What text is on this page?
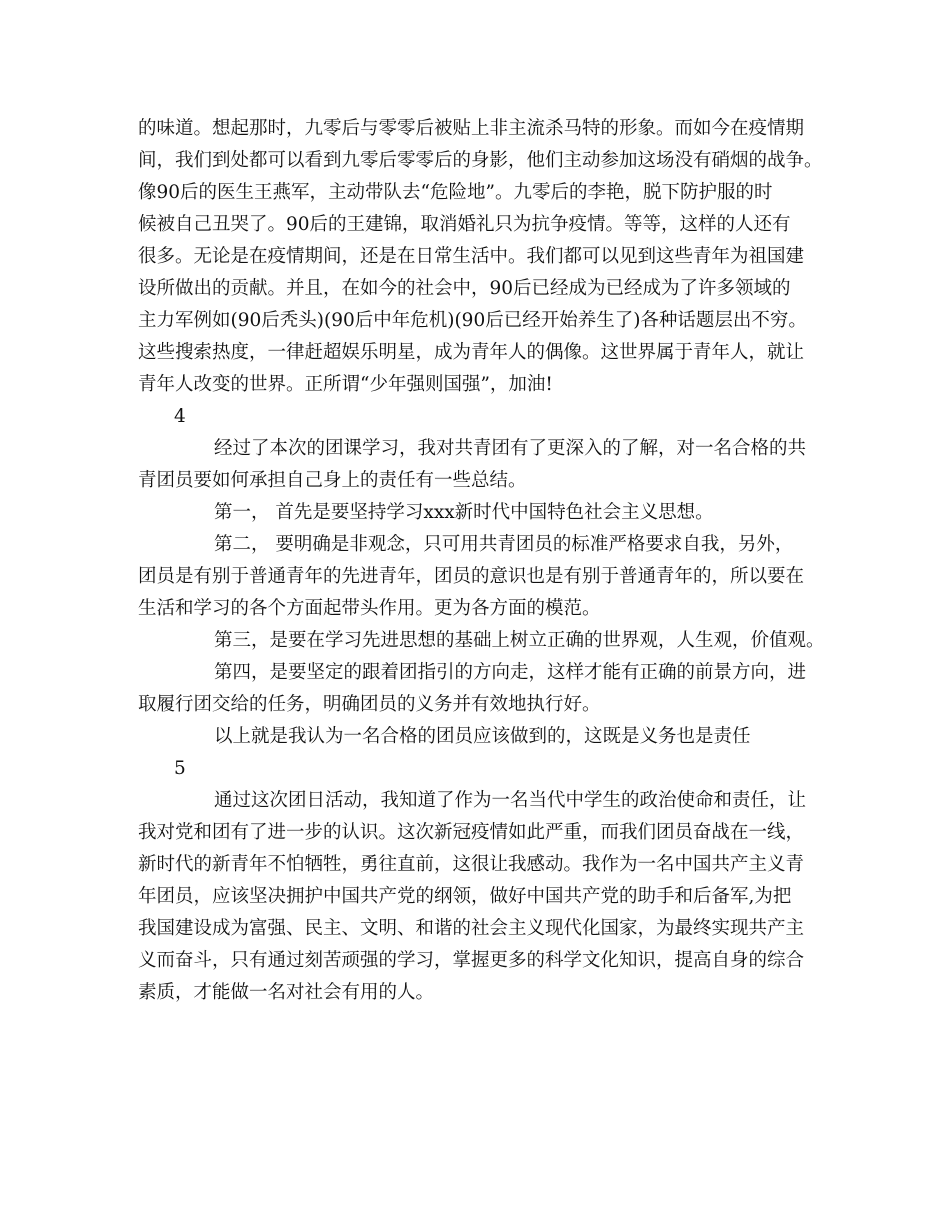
的味道。想起那时，九零后与零零后被贴上非主流杀马特的形象。而如今在疫情期
间，我们到处都可以看到九零后零零后的身影，他们主动参加这场没有硝烟的战争。
像90后的医生王燕军，主动带队去“危险地”。九零后的李艳，脱下防护服的时
候被自己丑哭了。90后的王建锦，取消婚礼只为抗争疫情。等等，这样的人还有
很多。无论是在疫情期间，还是在日常生活中。我们都可以见到这些青年为祖国建
设所做出的贡献。并且，在如今的社会中，90后已经成为已经成为了许多领域的
主力军例如(90后秃头)(90后中年危机)(90后已经开始养生了)各种话题层出不穷。
这些搜索热度，一律赶超娱乐明星，成为青年人的偶像。这世界属于青年人，就让
青年人改变的世界。正所谓“少年强则国强”，加油!
4
经过了本次的团课学习，我对共青团有了更深入的了解，对一名合格的共
青团员要如何承担自己身上的责任有一些总结。
第一， 首先是要坚持学习xxx新时代中国特色社会主义思想。
第二， 要明确是非观念，只可用共青团员的标准严格要求自我，另外，
团员是有别于普通青年的先进青年，团员的意识也是有别于普通青年的，所以要在
生活和学习的各个方面起带头作用。更为各方面的模范。
第三，是要在学习先进思想的基础上树立正确的世界观，人生观，价值观。
第四，是要坚定的跟着团指引的方向走，这样才能有正确的前景方向，进
取履行团交给的任务，明确团员的义务并有效地执行好。
以上就是我认为一名合格的团员应该做到的，这既是义务也是责任
5
通过这次团日活动，我知道了作为一名当代中学生的政治使命和责任，让
我对党和团有了进一步的认识。这次新冠疫情如此严重，而我们团员奋战在一线，
新时代的新青年不怕牺牲，勇往直前，这很让我感动。我作为一名中国共产主义青
年团员，应该坚决拥护中国共产党的纲领，做好中国共产党的助手和后备军,为把
我国建设成为富强、民主、文明、和谐的社会主义现代化国家，为最终实现共产主
义而奋斗，只有通过刻苦顽强的学习，掌握更多的科学文化知识，提高自身的综合
素质，才能做一名对社会有用的人。
